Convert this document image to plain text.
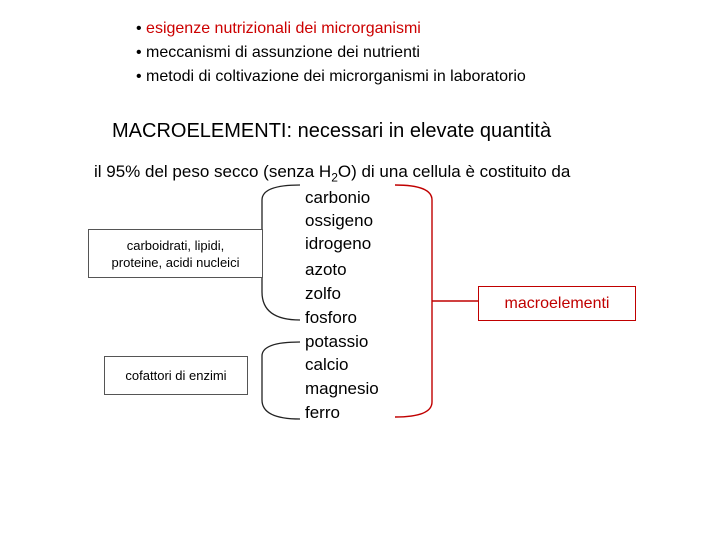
• esigenze nutrizionali dei microrganismi
• meccanismi di assunzione dei nutrienti
• metodi di coltivazione dei microrganismi in laboratorio
MACROELEMENTI: necessari in elevate quantità
il 95% del peso secco (senza $H_2O$) di una cellula è costituito da
carboidrati, lipidi,
proteine, acidi nucleici
cofattori di enzimi
carbonio
ossigeno
idrogeno
azoto
zolfo
fosforo
potassio
calcio
magnesio
ferro
macroelementi
